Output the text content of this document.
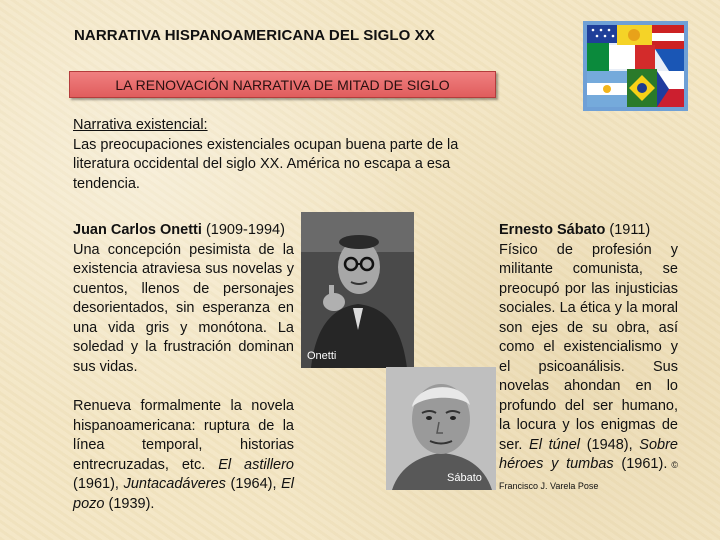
NARRATIVA HISPANOAMERICANA DEL SIGLO XX
LA RENOVACIÓN NARRATIVA DE MITAD DE SIGLO
Narrativa existencial:
Las preocupaciones existenciales ocupan buena parte de la literatura occidental del siglo XX. América no escapa a esa tendencia.
Juan Carlos Onetti (1909-1994)
Una concepción pesimista de la existencia atraviesa sus novelas y cuentos, llenos de personajes desorientados, sin esperanza en una vida gris y monótona. La soledad y la frustración dominan sus vidas.
Renueva formalmente la novela hispanoamericana: ruptura de la línea temporal, historias entrecruzadas, etc. El astillero (1961), Juntacadáveres (1964), El pozo (1939).
Onetti
Sábato
Ernesto Sábato (1911)
Físico de profesión y militante comunista, se preocupó por las injusticias sociales. La ética y la moral son ejes de su obra, así como el existencialismo y el psicoanálisis. Sus novelas ahondan en lo profundo del ser humano, la locura y los enigmas de ser. El túnel (1948), Sobre héroes y tumbas (1961). © Francisco J. Varela Pose
